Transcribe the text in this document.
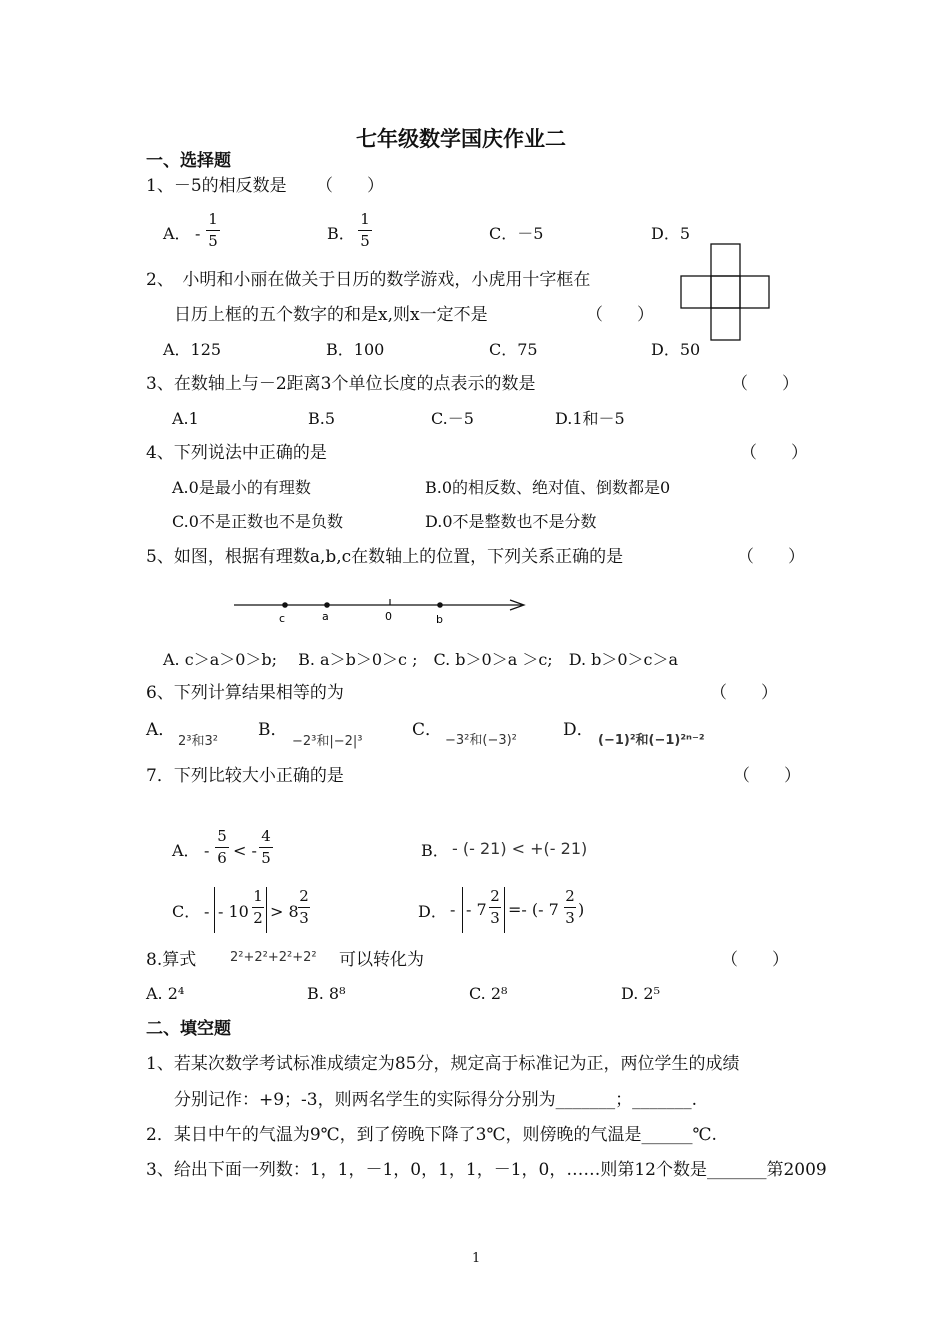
七年级数学国庆作业二
一、选择题
1、－5的相反数是 （　　）
A． -
1
5	B．
1
5	C．－5	D．5
2、　小明和小丽在做关于日历的数学游戏，小虎用十字框在
日历上框的五个数字的和是x,则x一定不是	（　　）
A．125	B．100	C．75	D．50
3、在数轴上与－2距离3个单位长度的点表示的数是	（　　）
A.1	B.5	C.－5	D.1和－5
4、下列说法中正确的是	（　　）
A.0是最小的有理数	B.0的相反数、绝对值、倒数都是0
C.0不是正数也不是负数	D.0不是整数也不是分数
5、如图，根据有理数a,b,c在数轴上的位置，下列关系正确的是	（　　）
c	a	0	b
A. c＞a＞0＞b;　 B. a＞b＞0＞c ;　C. b＞0＞a ＞c;　D. b＞0＞c＞a
6、下列计算结果相等的为	（　　）
A．
2³和3²
B．
−2³和|−2|³
C．
−3²和(−3)²
D．
(−1)²和(−1)²ⁿ⁻²
7．下列比较大小正确的是	（　　）
A． -
5
6 < -
4
5	B． - (- 21) < +(- 21)
C． - - 10
1
2 > 8
2
3	D． - - 7
2
3 =- (- 7
2
3 )
8.算式	2²+2²+2²+2² 可以转化为	（　　）
A. 2⁴	B. 8⁸	C. 2⁸	D. 2⁵
二、填空题
1、若某次数学考试标准成绩定为85分，规定高于标准记为正，两位学生的成绩
分别记作：+9；-3，则两名学生的实际得分分别为_______；_______.
2．某日中午的气温为9℃，到了傍晚下降了3℃，则傍晚的气温是______℃.
3、给出下面一列数：1，1，－1，0，1，1，－1，0，……则第12个数是_______第2009
1
